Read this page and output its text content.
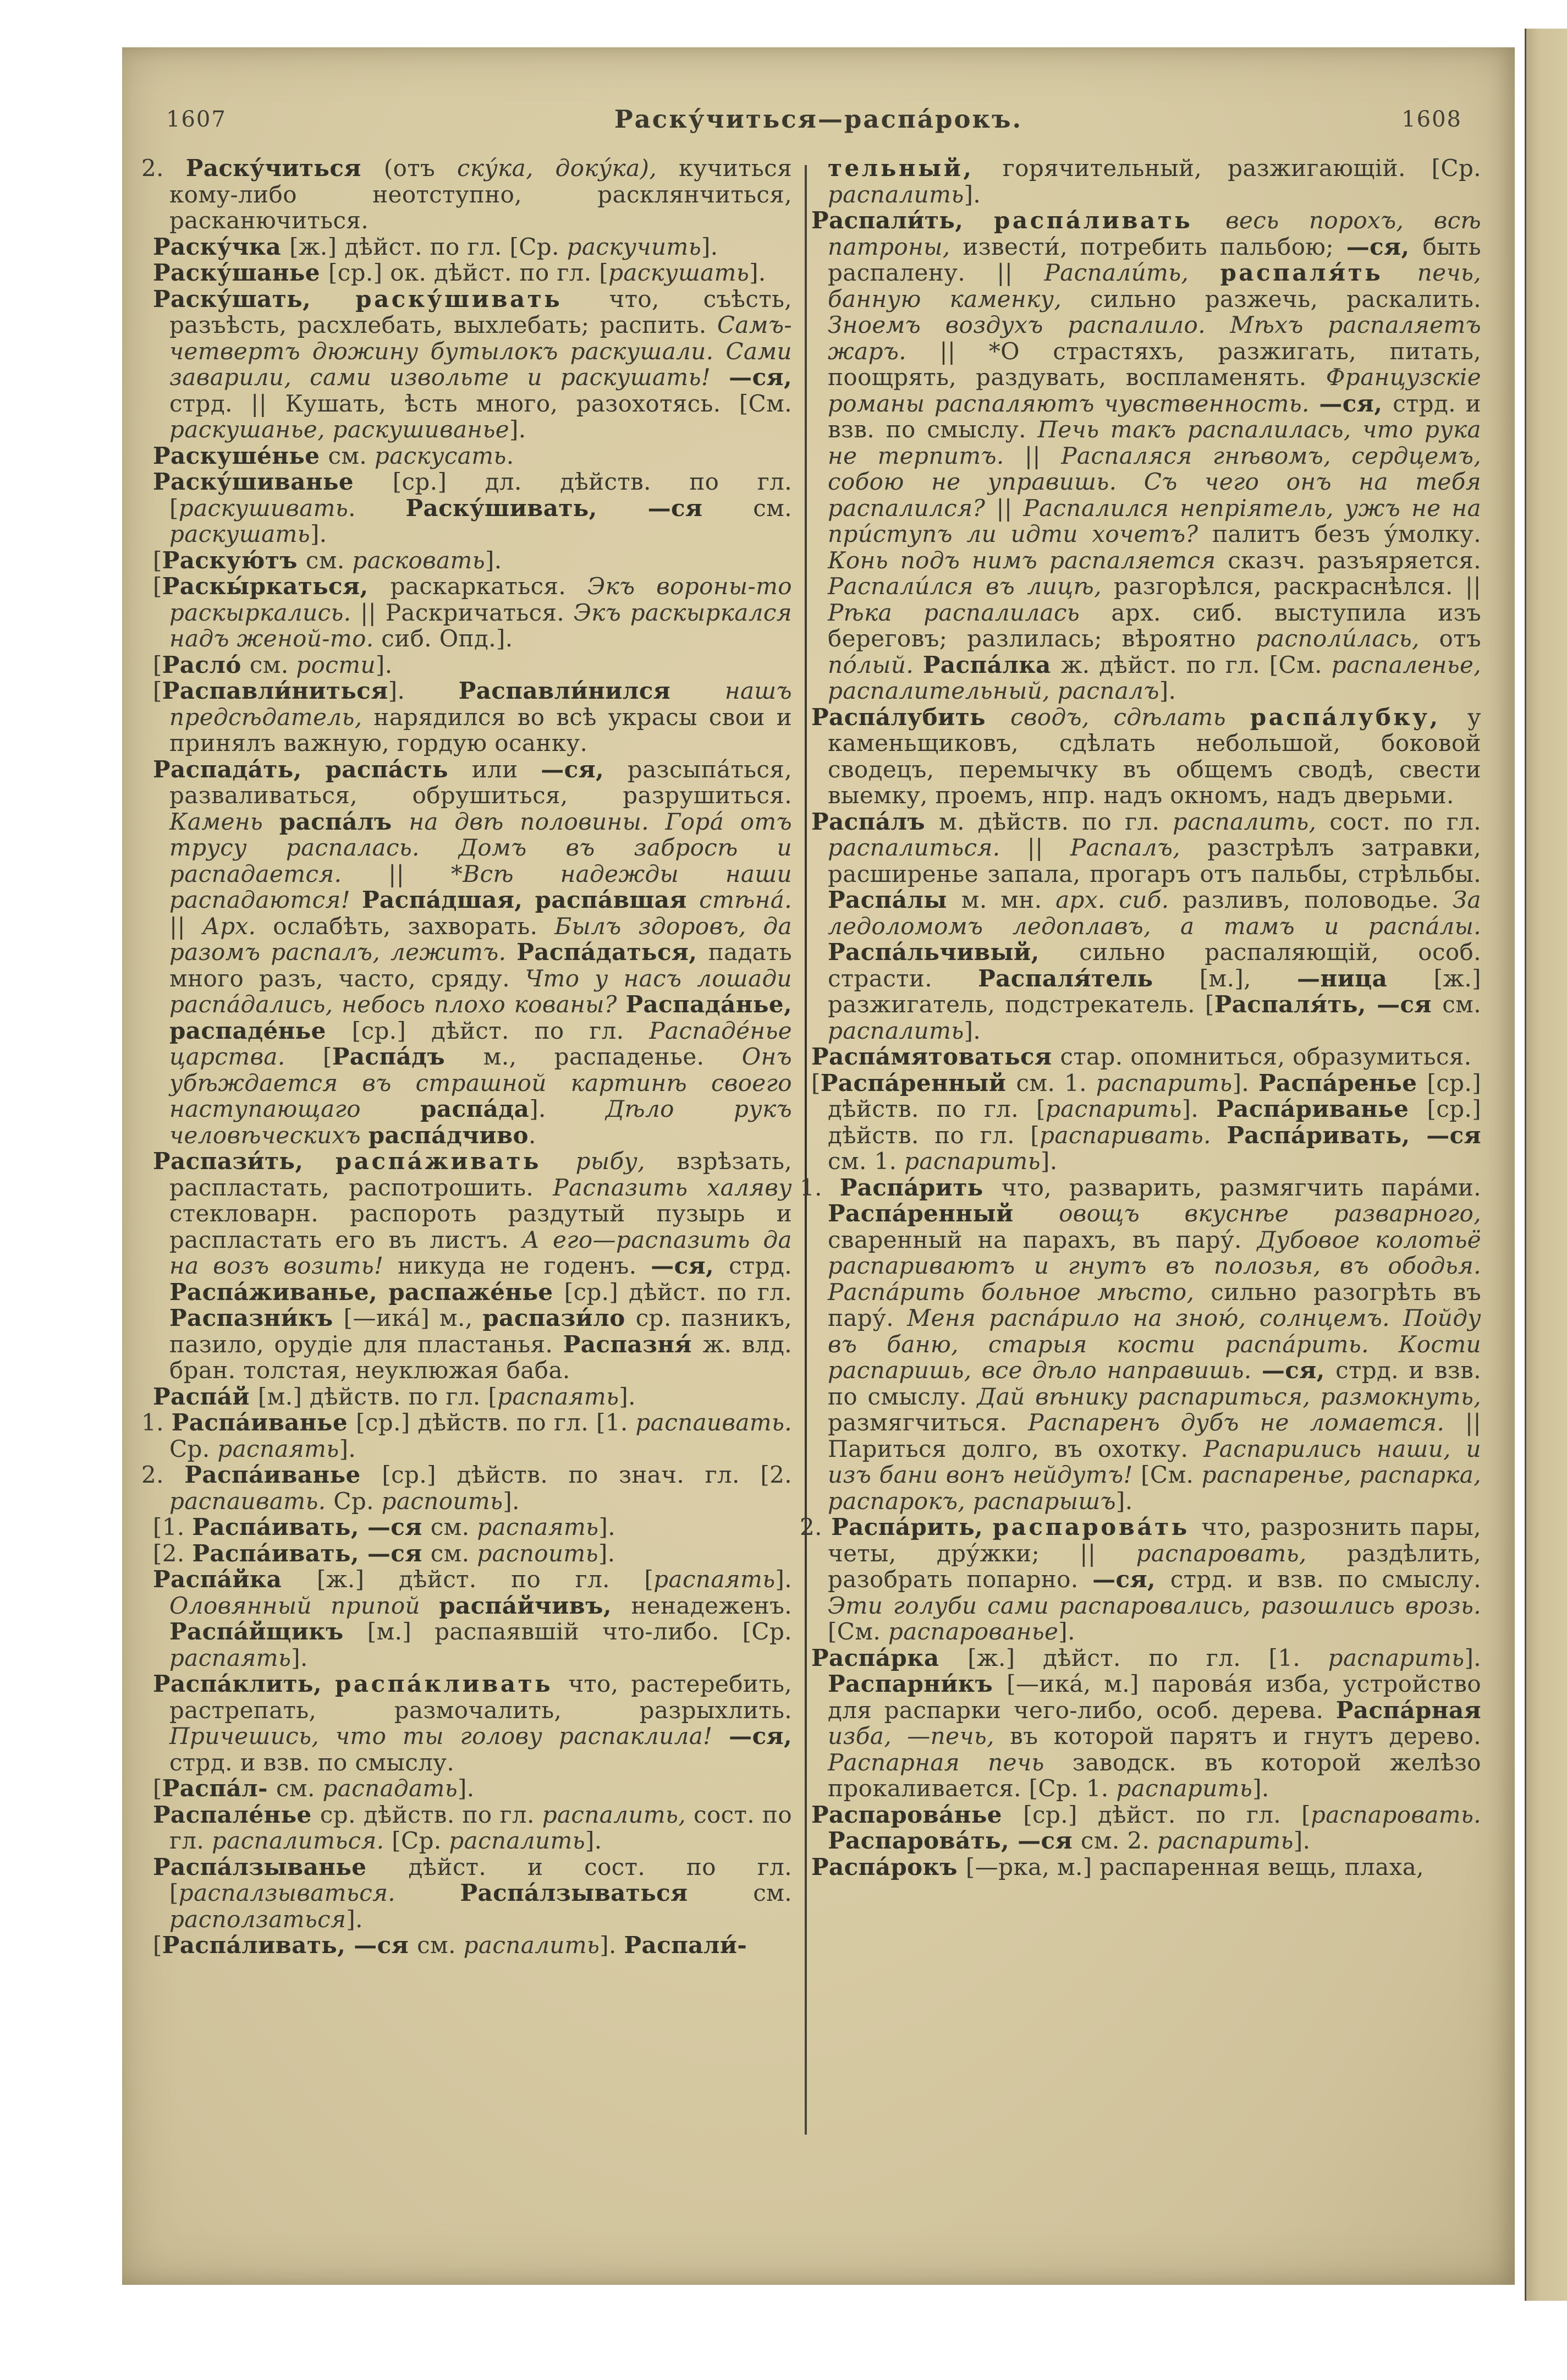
1607	Раску́читься—распа́рокъ.	1608

2. Раску́читься (отъ ску́ка, доку́ка), кучиться кому-либо неотступно, расклянчиться, расканючиться.

Раску́чка [ж.] дѣйст. по гл. [Ср. раскучить].

Раску́шанье [ср.] ок. дѣйст. по гл. [раскушать].

Раску́шать, раску́шивать что, съѣсть, разъѣсть, расхлебать, выхлебать; распить. Самъ-четвертъ дюжину бутылокъ раскушали. Сами заварили, сами извольте и раскушать! —ся, стрд. || Кушать, ѣсть много, разохотясь. [См. раскушанье, раскушиванье].

Раскуше́нье см. раскусать.

Раску́шиванье [ср.] дл. дѣйств. по гл. [раскушивать. Раску́шивать, —ся см. раскушать].

[Раскую́тъ см. расковать].

[Раскы́ркаться, раскаркаться. Экъ вороны-то раскыркались. || Раскричаться. Экъ раскыркался надъ женой-то. сиб. Опд.].

[Расло́ см. рости].

[Распавли́ниться]. Распавли́нился нашъ предсѣдатель, нарядился во всѣ украсы свои и принялъ важную, гордую осанку.

Распада́ть, распа́сть или —ся, разсыпа́ться, разваливаться, обрушиться, разрушиться. Камень распа́лъ на двѣ половины. Гора́ отъ трусу распалась. Домъ въ забросѣ и распадается. || *Всѣ надежды наши распадаются! Распа́дшая, распа́вшая стѣна́. || Арх. ослабѣть, захворать. Былъ здоровъ, да разомъ распалъ, лежитъ. Распа́даться, падать много разъ, часто, сряду. Что у насъ лошади распа́дались, небось плохо кованы? Распада́нье, распаде́нье [ср.] дѣйст. по гл. Распаде́нье царства. [Распа́дъ м., распаденье. Онъ убѣждается въ страшной картинѣ своего наступающаго распа́да]. Дѣло рукъ человѣческихъ распа́дчиво.

Распази́ть, распа́живать рыбу, взрѣзать, распластать, распотрошить. Распазить халяву стекловарн. распороть раздутый пузырь и распластать его въ листъ. А его—распазить да на возъ возить! никуда не годенъ. —ся, стрд. Распа́живанье, распаже́нье [ср.] дѣйст. по гл. Распазни́къ [—ика́] м., распази́ло ср. пазникъ, пазило, орудіе для пластанья. Распазня́ ж. влд. бран. толстая, неуклюжая баба.

Распа́й [м.] дѣйств. по гл. [распаять].

1. Распа́иванье [ср.] дѣйств. по гл. [1. распаивать. Ср. распаять].

2. Распа́иванье [ср.] дѣйств. по знач. гл. [2. распаивать. Ср. распоить].

[1. Распа́ивать, —ся см. распаять].

[2. Распа́ивать, —ся см. распоить].

Распа́йка [ж.] дѣйст. по гл. [распаять]. Оловянный припой распа́йчивъ, ненадеженъ. Распа́йщикъ [м.] распаявшій что-либо. [Ср. распаять].

Распа́клить, распа́кливать что, растеребить, растрепать, размочалить, разрыхлить. Причешись, что ты голову распаклила! —ся, стрд. и взв. по смыслу.

[Распа́л- см. распадать].

Распале́нье ср. дѣйств. по гл. распалить, сост. по гл. распалиться. [Ср. распалить].

Распа́лзыванье дѣйст. и сост. по гл. [распалзываться. Распа́лзываться см. расползаться].

[Распа́ливать, —ся см. распалить]. Распали́-

тельный, горячительный, разжигающій. [Ср. распалить].

Распали́ть, распа́ливать весь порохъ, всѣ патроны, извести́, потребить пальбою; —ся, быть распалену. || Распали́ть, распаля́ть печь, банную каменку, сильно разжечь, раскалить. Зноемъ воздухъ распалило. Мѣхъ распаляетъ жаръ. || *О страстяхъ, разжигать, питать, поощрять, раздувать, воспламенять. Французскіе романы распаляютъ чувственность. —ся, стрд. и взв. по смыслу. Печь такъ распалилась, что рука не терпитъ. || Распаляся гнѣвомъ, сердцемъ, собою не управишь. Съ чего онъ на тебя распалился? || Распалился непріятель, ужъ не на при́ступъ ли идти хочетъ? палитъ безъ у́молку. Конь подъ нимъ распаляется сказч. разъяряется. Распали́лся въ лицѣ, разгорѣлся, раскраснѣлся. || Рѣка распалилась арх. сиб. выступила изъ береговъ; разлилась; вѣроятно располи́лась, отъ по́лый. Распа́лка ж. дѣйст. по гл. [См. распаленье, распалительный, распалъ].

Распа́лубить сводъ, сдѣлать распа́лубку, у каменьщиковъ, сдѣлать небольшой, боковой сводецъ, перемычку въ общемъ сводѣ, свести выемку, проемъ, нпр. надъ окномъ, надъ дверьми.

Распа́лъ м. дѣйств. по гл. распалить, сост. по гл. распалиться. || Распалъ, разстрѣлъ затравки, расширенье запала, прогаръ отъ пальбы, стрѣльбы. Распа́лы м. мн. арх. сиб. разливъ, половодье. За ледоломомъ ледоплавъ, а тамъ и распа́лы. Распа́льчивый, сильно распаляющій, особ. страсти. Распаля́тель [м.], —ница [ж.] разжигатель, подстрекатель. [Распаля́ть, —ся см. распалить].

Распа́мятоваться стар. опомниться, образумиться.

[Распа́ренный см. 1. распарить]. Распа́ренье [ср.] дѣйств. по гл. [распарить]. Распа́риванье [ср.] дѣйств. по гл. [распаривать. Распа́ривать, —ся см. 1. распарить].

1. Распа́рить что, разварить, размягчить пара́ми. Распа́ренный овощъ вкуснѣе разварного, сваренный на парахъ, въ пару́. Дубовое колотьё распариваютъ и гнутъ въ полозья, въ ободья. Распа́рить больное мѣсто, сильно разогрѣть въ пару́. Меня распа́рило на зною́, солнцемъ. Пойду въ баню, старыя кости распа́рить. Кости распаришь, все дѣло направишь. —ся, стрд. и взв. по смыслу. Дай вѣнику распариться, размокнуть, размягчиться. Распаренъ дубъ не ломается. || Париться долго, въ охотку. Распарились наши, и изъ бани вонъ нейдутъ! [См. распаренье, распарка, распарокъ, распарышъ].

2. Распа́рить, распарова́ть что, разрознить пары, четы, дру́жки; || распаровать, раздѣлить, разобрать попарно. —ся, стрд. и взв. по смыслу. Эти голуби сами распаровались, разошлись врозь. [См. распарованье].

Распа́рка [ж.] дѣйст. по гл. [1. распарить]. Распарни́къ [—ика́, м.] парова́я изба, устройство для распарки чего-либо, особ. дерева. Распа́рная изба, —печь, въ которой парятъ и гнутъ дерево. Распарная печь заводск. въ которой желѣзо прокаливается. [Ср. 1. распарить].

Распарова́нье [ср.] дѣйст. по гл. [распаровать. Распарова́ть, —ся см. 2. распарить].

Распа́рокъ [—рка, м.] распаренная вещь, плаха,
